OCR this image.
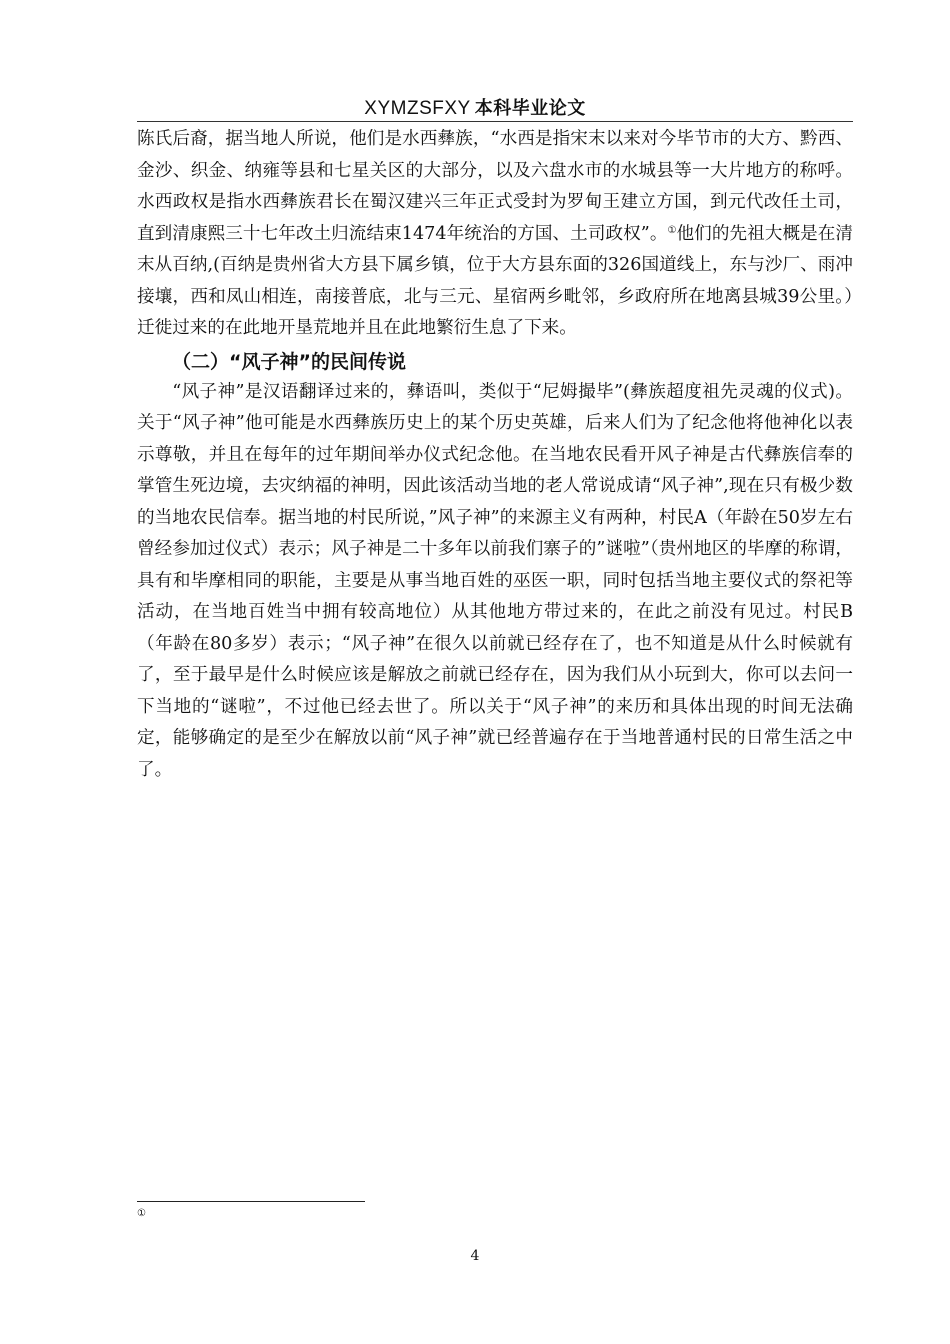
XYMZSFXY 本科毕业论文

陈氏后裔，据当地人所说，他们是水西彝族，“水西是指宋末以来对今毕节市的大方、黔西、金沙、织金、纳雍等县和七星关区的大部分，以及六盘水市的水城县等一大片地方的称呼。水西政权是指水西彝族君长在蜀汉建兴三年正式受封为罗甸王建立方国，到元代改任土司，直到清康熙三十七年改土归流结束1474年统治的方国、土司政权”。①他们的先祖大概是在清末从百纳,(百纳是贵州省大方县下属乡镇，位于大方县东面的326国道线上，东与沙厂、雨冲接壤，西和凤山相连，南接普底，北与三元、星宿两乡毗邻，乡政府所在地离县城39公里。）迁徙过来的在此地开垦荒地并且在此地繁衍生息了下来。

（二）“风子神”的民间传说

“风子神”是汉语翻译过来的，彝语叫，类似于“尼姆撮毕”(彝族超度祖先灵魂的仪式)。关于“风子神”他可能是水西彝族历史上的某个历史英雄，后来人们为了纪念他将他神化以表示尊敬，并且在每年的过年期间举办仪式纪念他。在当地农民看开风子神是古代彝族信奉的掌管生死边境，去灾纳福的神明，因此该活动当地的老人常说成请“风子神”,现在只有极少数的当地农民信奉。据当地的村民所说，”风子神”的来源主义有两种，村民A（年龄在50岁左右曾经参加过仪式）表示；风子神是二十多年以前我们寨子的”谜啦”（贵州地区的毕摩的称谓，具有和毕摩相同的职能，主要是从事当地百姓的巫医一职，同时包括当地主要仪式的祭祀等活动，在当地百姓当中拥有较高地位）从其他地方带过来的，在此之前没有见过。村民B（年龄在80多岁）表示；“风子神”在很久以前就已经存在了，也不知道是从什么时候就有了，至于最早是什么时候应该是解放之前就已经存在，因为我们从小玩到大，你可以去问一下当地的“谜啦”，不过他已经去世了。所以关于“风子神”的来历和具体出现的时间无法确定，能够确定的是至少在解放以前“风子神”就已经普遍存在于当地普通村民的日常生活之中了。

①
4
